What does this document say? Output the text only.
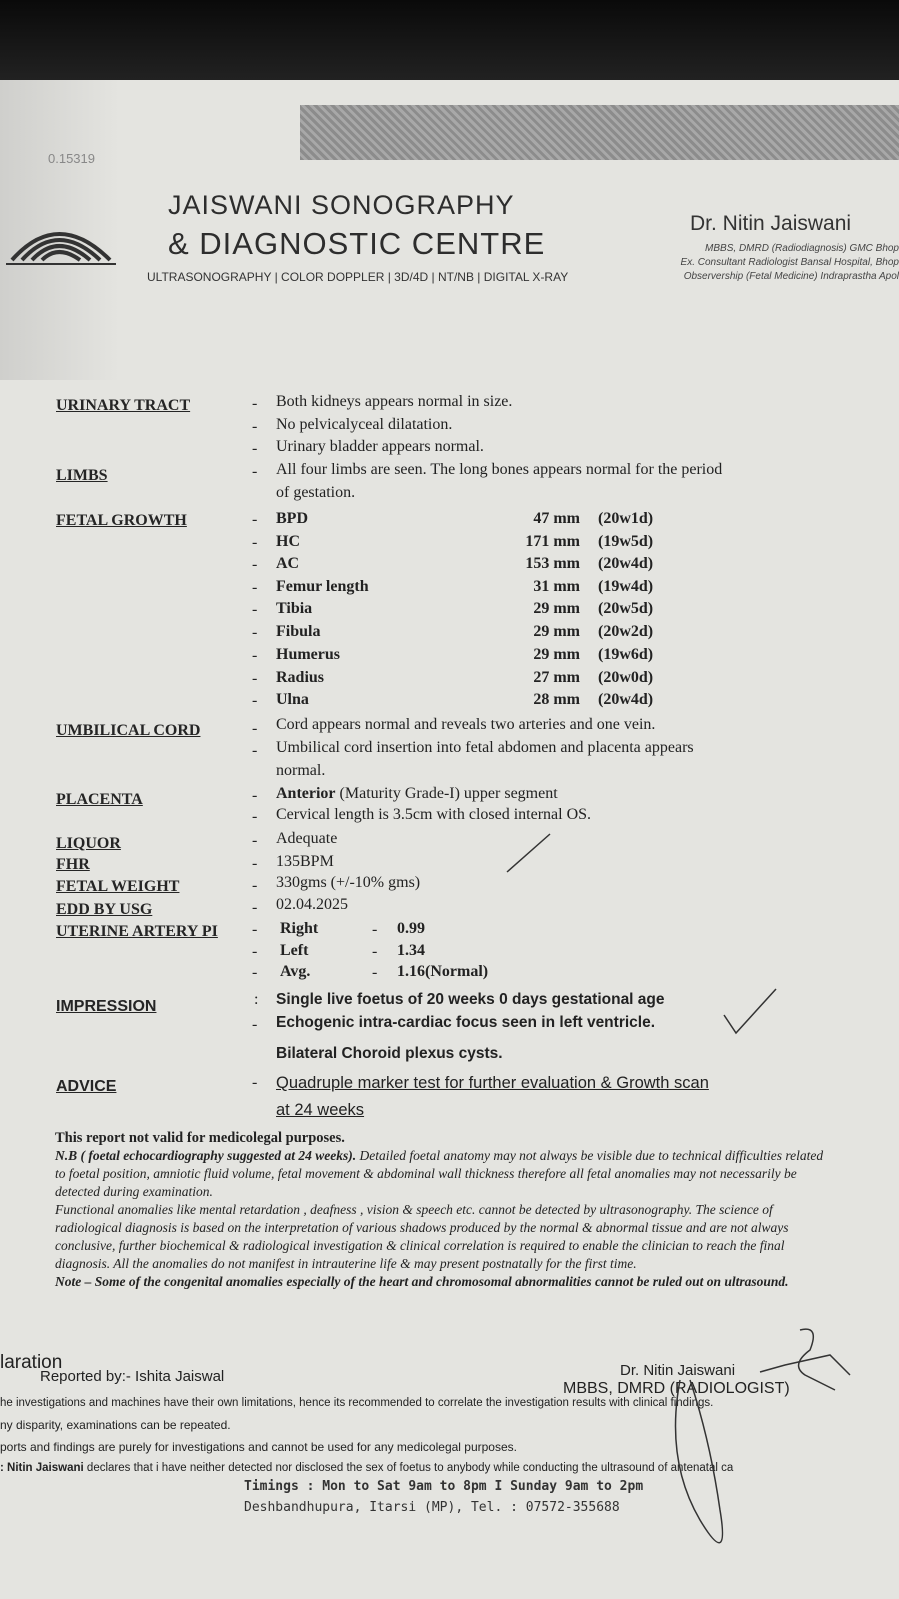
0.15319
JAISWANI SONOGRAPHY
& DIAGNOSTIC CENTRE
ULTRASONOGRAPHY | COLOR DOPPLER | 3D/4D | NT/NB | DIGITAL X-RAY
Dr. Nitin Jaiswani
MBBS, DMRD (Radiodiagnosis) GMC Bhop
Ex. Consultant Radiologist Bansal Hospital, Bhop
Observership (Fetal Medicine) Indraprastha Apol
URINARY TRACT	- Both kidneys appears normal in size.
- No pelvicalyceal dilatation.
- Urinary bladder appears normal.
LIMBS	- All four limbs are seen. The long bones appears normal for the period
of gestation.
FETAL GROWTH	- BPD	47 mm (20w1d)
- HC	171 mm (19w5d)
- AC	153 mm (20w4d)
- Femur length	31 mm (19w4d)
- Tibia	29 mm (20w5d)
- Fibula	29 mm (20w2d)
- Humerus	29 mm (19w6d)
- Radius	27 mm (20w0d)
- Ulna	28 mm (20w4d)
UMBILICAL CORD	- Cord appears normal and reveals two arteries and one vein.
- Umbilical cord insertion into fetal abdomen and placenta appears
normal.
PLACENTA	- Anterior (Maturity Grade-I) upper segment
- Cervical length is 3.5cm with closed internal OS.
LIQUOR	- Adequate
FHR	- 135BPM
FETAL WEIGHT	- 330gms (+/-10% gms)
EDD BY USG	- 02.04.2025
UTERINE ARTERY PI - Right	- 0.99
- Left	- 1.34
- Avg.	- 1.16(Normal)
IMPRESSION	: Single live foetus of 20 weeks 0 days gestational age
- Echogenic intra-cardiac focus seen in left ventricle.
Bilateral Choroid plexus cysts.
ADVICE	- Quadruple marker test for further evaluation & Growth scan
at 24 weeks
This report not valid for medicolegal purposes.
N.B ( foetal echocardiography suggested at 24 weeks). Detailed foetal anatomy may not always be visible due to technical difficulties related to foetal position, amniotic fluid volume, fetal movement & abdominal wall thickness therefore all fetal anomalies may not necessarily be detected during examination.
Functional anomalies like mental retardation , deafness , vision & speech etc. cannot be detected by ultrasonography. The science of radiological diagnosis is based on the interpretation of various shadows produced by the normal & abnormal tissue and are not always conclusive, further biochemical & radiological investigation & clinical correlation is required to enable the clinician to reach the final diagnosis. All the anomalies do not manifest in intrauterine life & may present postnatally for the first time.
Note – Some of the congenital anomalies especially of the heart and chromosomal abnormalities cannot be ruled out on ultrasound.
laration
Reported by:- Ishita Jaiswal	Dr. Nitin Jaiswani
MBBS, DMRD (RADIOLOGIST)
he investigations and machines have their own limitations, hence its recommended to correlate the investigation results with clinical findings.
ny disparity, examinations can be repeated.
ports and findings are purely for investigations and cannot be used for any medicolegal purposes.
: Nitin Jaiswani declares that i have neither detected nor disclosed the sex of foetus to anybody while conducting the ultrasound of antenatal ca
Timings : Mon to Sat 9am to 8pm I Sunday 9am to 2pm
Deshbandhupura, Itarsi (MP), Tel. : 07572-355688
